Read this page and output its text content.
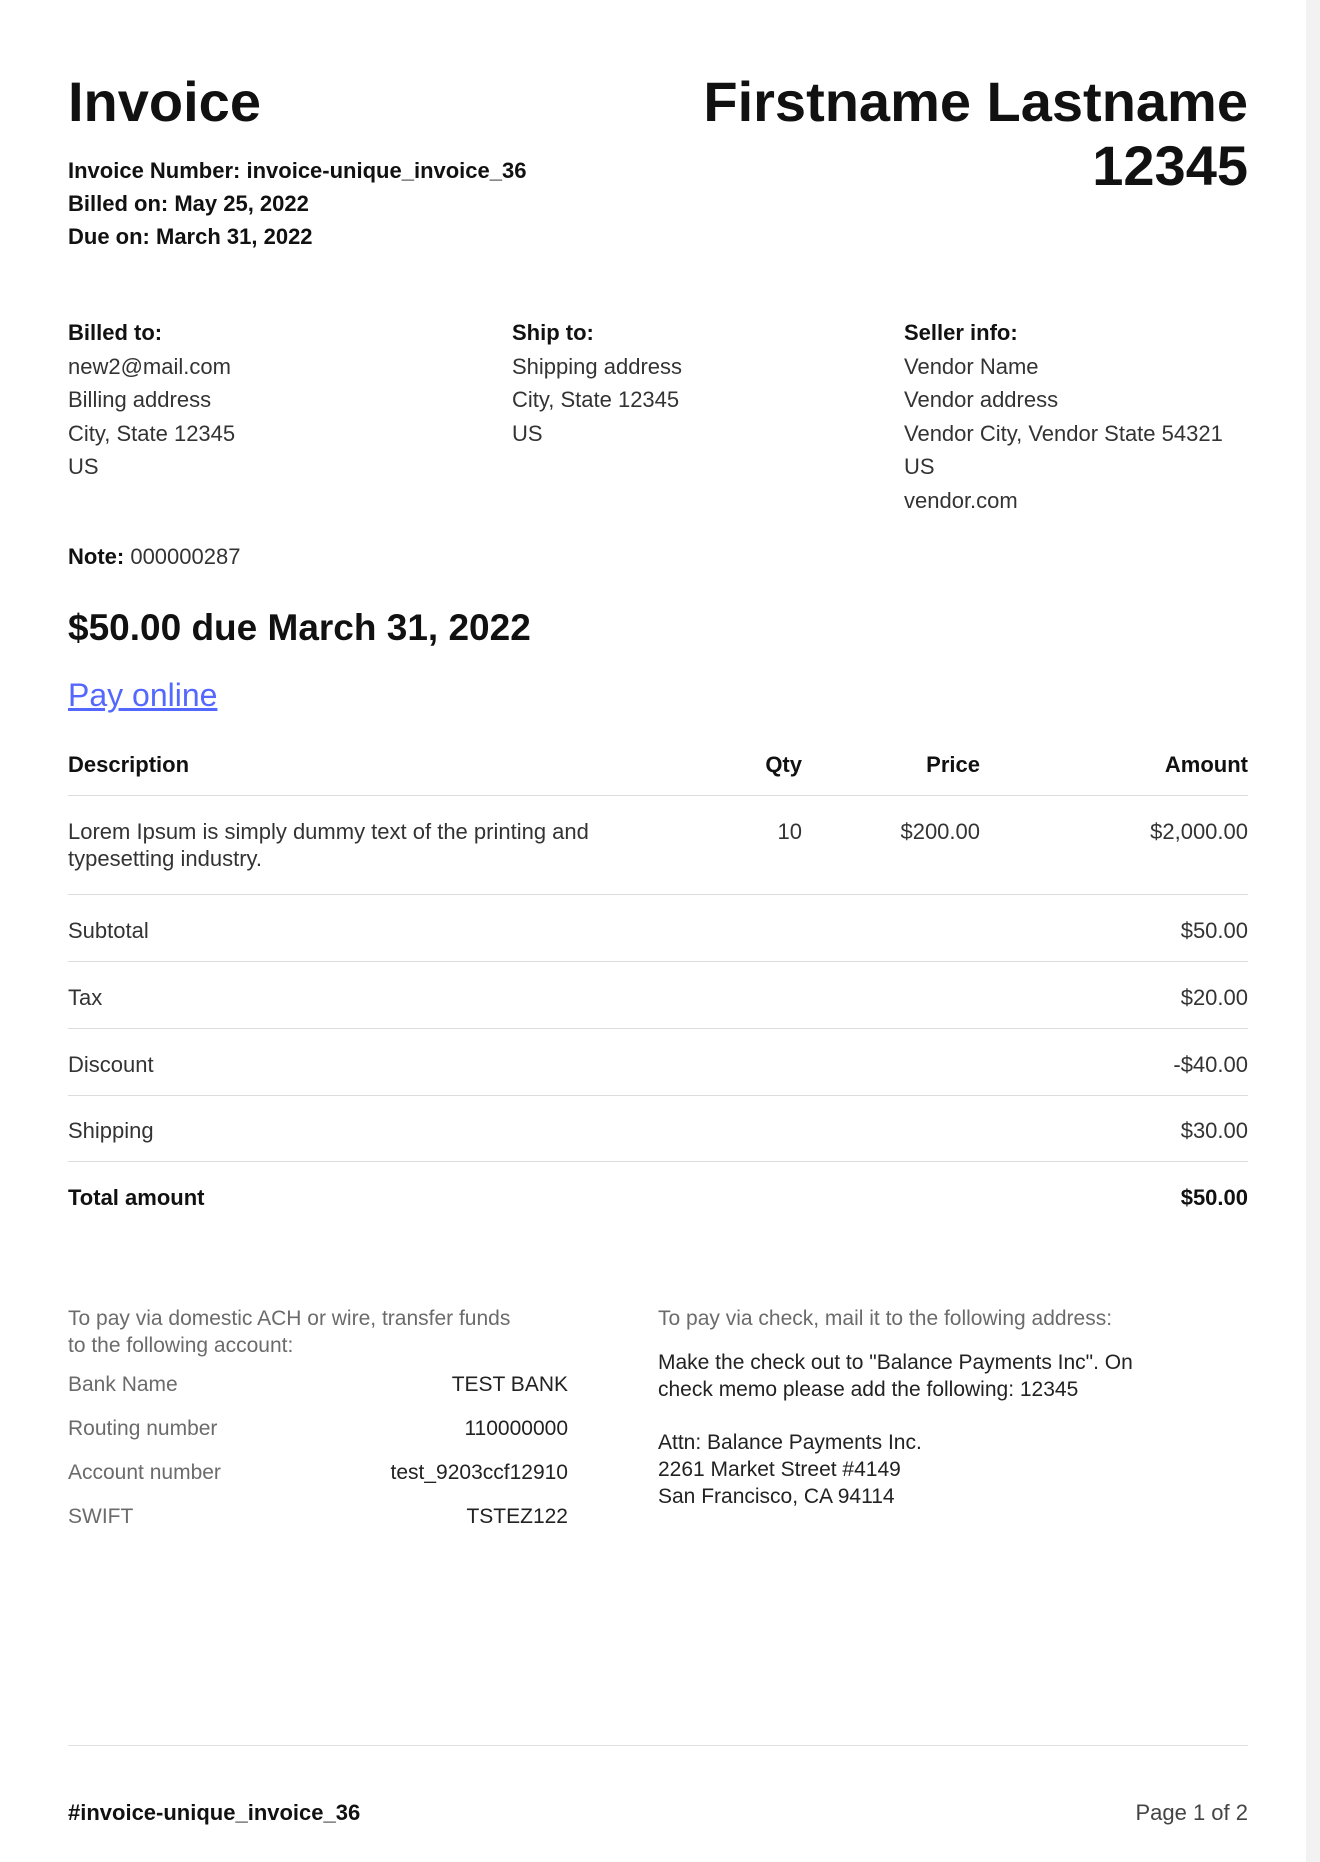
Invoice	Firstname Lastname
12345
Invoice Number: invoice-unique_invoice_36
Billed on: May 25, 2022
Due on: March 31, 2022
Billed to:
new2@mail.com
Billing address
City, State 12345
US
Ship to:
Shipping address
City, State 12345
US
Seller info:
Vendor Name
Vendor address
Vendor City, Vendor State 54321
US
vendor.com
Note: 000000287
$50.00 due March 31, 2022
Pay online
Description	Qty	Price	Amount
Lorem Ipsum is simply dummy text of the printing and
typesetting industry.
10	$200.00	$2,000.00
Subtotal	$50.00
Tax	$20.00
Discount	-$40.00
Shipping	$30.00
Total amount	$50.00
To pay via domestic ACH or wire, transfer funds
to the following account:
Bank Name	TEST BANK
Routing number	110000000
Account number	test_9203ccf12910
SWIFT	TSTEZ122
To pay via check, mail it to the following address:
Make the check out to "Balance Payments Inc". On
check memo please add the following: 12345
Attn: Balance Payments Inc.
2261 Market Street #4149
San Francisco, CA 94114
#invoice-unique_invoice_36	Page 1 of 2
